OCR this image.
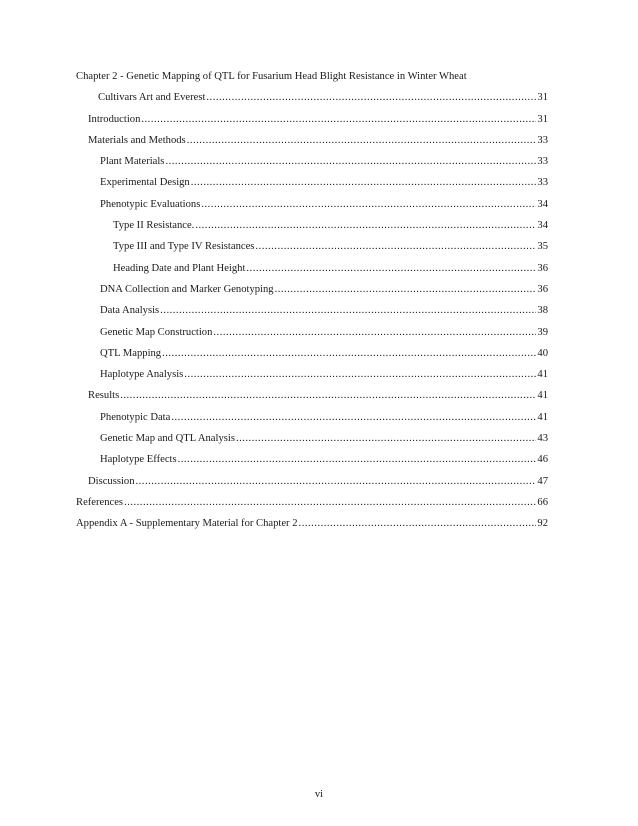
Chapter 2 - Genetic Mapping of QTL for Fusarium Head Blight Resistance in Winter Wheat

Cultivars Art and Everest .....	31
Introduction .....	31
Materials and Methods .....	33
Plant Materials .....	33
Experimental Design .....	33
Phenotypic Evaluations .....	34
Type II Resistance. .....	34
Type III and Type IV Resistances .....	35
Heading Date and Plant Height .....	36
DNA Collection and Marker Genotyping .....	36
Data Analysis .....	38
Genetic Map Construction .....	39
QTL Mapping .....	40
Haplotype Analysis .....	41
Results .....	41
Phenotypic Data .....	41
Genetic Map and QTL Analysis .....	43
Haplotype Effects .....	46
Discussion .....	47
References .....	66
Appendix A - Supplementary Material for Chapter 2 .....	92
vi
